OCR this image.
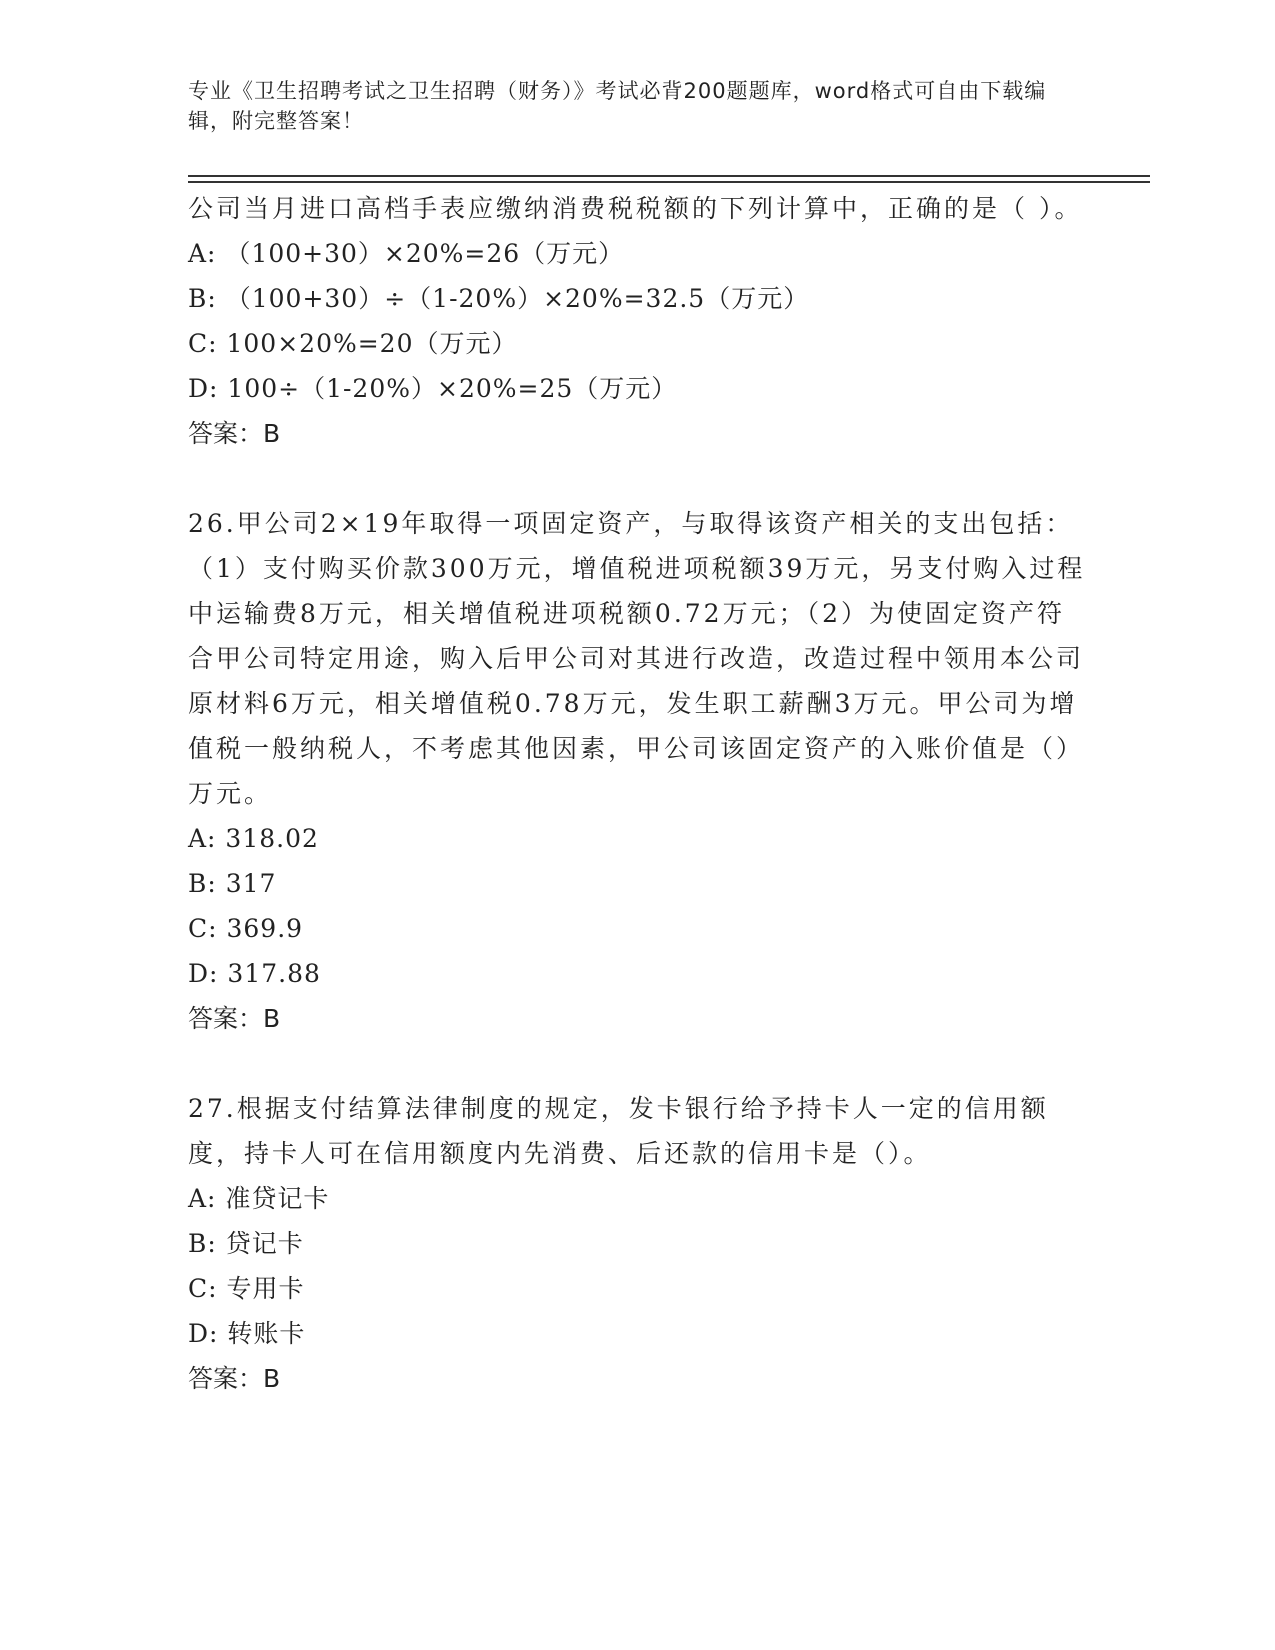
专业《卫生招聘考试之卫生招聘（财务）》考试必背200题题库，word格式可自由下载编辑，附完整答案！

公司当月进口高档手表应缴纳消费税税额的下列计算中，正确的是（ ）。

A: （100+30）×20%=26（万元）

B: （100+30）÷（1-20%）×20%=32.5（万元）

C: 100×20%=20（万元）

D: 100÷（1-20%）×20%=25（万元）

答案：B

26.甲公司2×19年取得一项固定资产，与取得该资产相关的支出包括：（1）支付购买价款300万元，增值税进项税额39万元，另支付购入过程中运输费8万元，相关增值税进项税额0.72万元；（2）为使固定资产符合甲公司特定用途，购入后甲公司对其进行改造，改造过程中领用本公司原材料6万元，相关增值税0.78万元，发生职工薪酬3万元。甲公司为增值税一般纳税人，不考虑其他因素，甲公司该固定资产的入账价值是（）万元。

A: 318.02

B: 317

C: 369.9

D: 317.88

答案：B

27.根据支付结算法律制度的规定，发卡银行给予持卡人一定的信用额度，持卡人可在信用额度内先消费、后还款的信用卡是（）。

A: 准贷记卡

B: 贷记卡

C: 专用卡

D: 转账卡

答案：B
